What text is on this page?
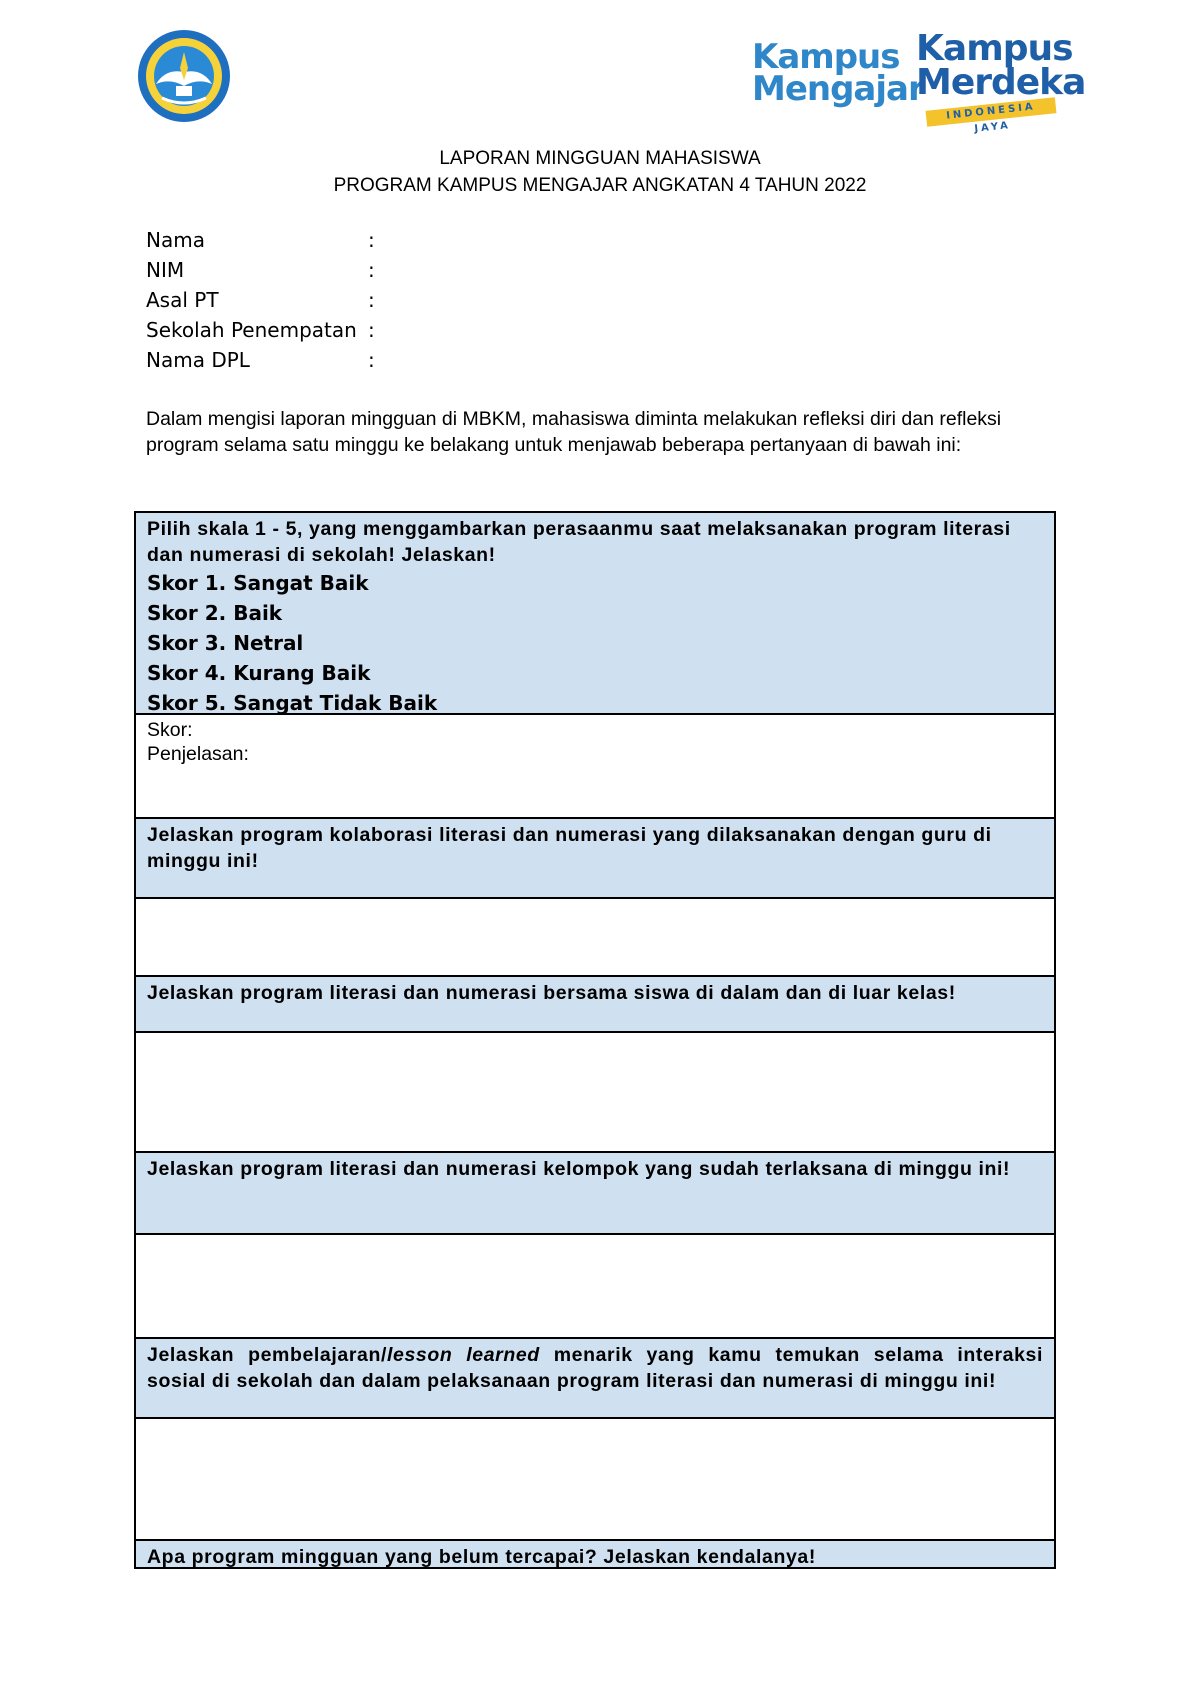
Kampus
Mengajar
Kampus
Merdeka
INDONESIA JAYA
LAPORAN MINGGUAN MAHASISWA
PROGRAM KAMPUS MENGAJAR ANGKATAN 4 TAHUN 2022
Nama	:
NIM	:
Asal PT	:
Sekolah Penempatan :
Nama DPL	:
Dalam mengisi laporan mingguan di MBKM, mahasiswa diminta melakukan refleksi diri dan refleksi program selama satu minggu ke belakang untuk menjawab beberapa pertanyaan di bawah ini:
Pilih skala 1 - 5, yang menggambarkan perasaanmu saat melaksanakan program literasi dan numerasi di sekolah! Jelaskan!
Skor 1. Sangat Baik
Skor 2. Baik
Skor 3. Netral
Skor 4. Kurang Baik
Skor 5. Sangat Tidak Baik
Skor:
Penjelasan:
Jelaskan program kolaborasi literasi dan numerasi yang dilaksanakan dengan guru di minggu ini!
Jelaskan program literasi dan numerasi bersama siswa di dalam dan di luar kelas!
Jelaskan program literasi dan numerasi kelompok yang sudah terlaksana di minggu ini!
Jelaskan pembelajaran/lesson learned menarik yang kamu temukan selama interaksi sosial di sekolah dan dalam pelaksanaan program literasi dan numerasi di minggu ini!
Apa program mingguan yang belum tercapai? Jelaskan kendalanya!
